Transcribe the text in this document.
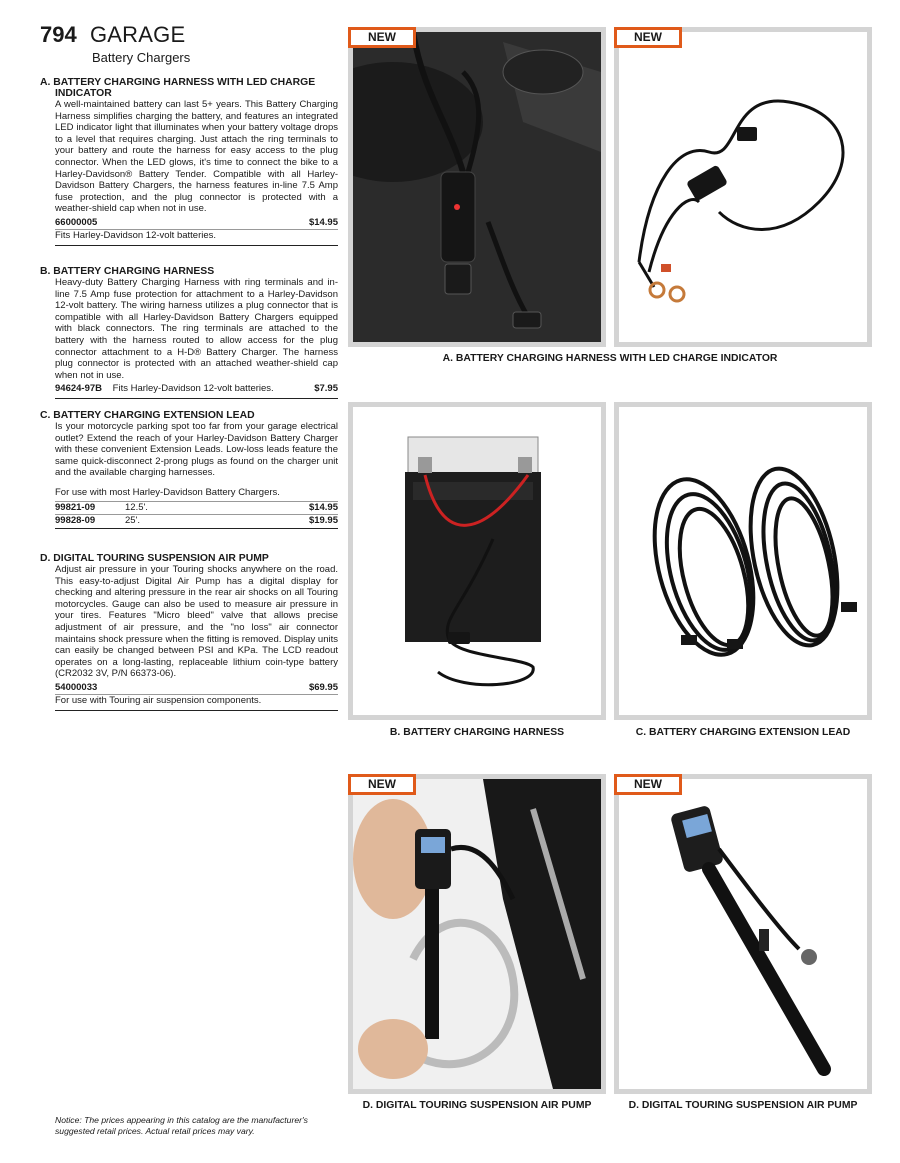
794 GARAGE
Battery Chargers
A. BATTERY CHARGING HARNESS WITH LED CHARGE
INDICATOR
A well-maintained battery can last 5+ years. This Battery Charging Harness simplifies charging the battery, and features an integrated LED indicator light that illuminates when your battery voltage drops to a level that requires charging. Just attach the ring terminals to your battery and route the harness for easy access to the plug connector. When the LED glows, it's time to connect the bike to a Harley-Davidson® Battery Tender. Compatible with all Harley-Davidson Battery Chargers, the harness features in-line 7.5 Amp fuse protection, and the plug connector is protected with a weather-shield cap when not in use.
66000005	$14.95
Fits Harley-Davidson 12-volt batteries.
B. BATTERY CHARGING HARNESS
Heavy-duty Battery Charging Harness with ring terminals and in-line 7.5 Amp fuse protection for attachment to a Harley-Davidson 12-volt battery. The wiring harness utilizes a plug connector that is compatible with all Harley-Davidson Battery Chargers equipped with black connectors. The ring terminals are attached to the battery with the harness routed to allow access for the plug connector attachment to a H-D® Battery Charger. The harness plug connector is protected with an attached weather-shield cap when not in use.
94624-97B Fits Harley-Davidson 12-volt batteries.	$7.95
C. BATTERY CHARGING EXTENSION LEAD
Is your motorcycle parking spot too far from your garage electrical outlet? Extend the reach of your Harley-Davidson Battery Charger with these convenient Extension Leads. Low-loss leads feature the same quick-disconnect 2-prong plugs as found on the charger unit and the available charging harnesses.
For use with most Harley-Davidson Battery Chargers.
99821-09	12.5'.	$14.95
99828-09	25'.	$19.95
D. DIGITAL TOURING SUSPENSION AIR PUMP
Adjust air pressure in your Touring shocks anywhere on the road. This easy-to-adjust Digital Air Pump has a digital display for checking and altering pressure in the rear air shocks on all Touring motorcycles. Gauge can also be used to measure air pressure in your tires. Features "Micro bleed" valve that allows precise adjustment of air pressure, and the "no loss" air connector maintains shock pressure when the fitting is removed. Display units can easily be changed between PSI and KPa. The LCD readout operates on a long-lasting, replaceable lithium coin-type battery (CR2032 3V, P/N 66373-06).
54000033	$69.95
For use with Touring air suspension components.
NEW	NEW
A. BATTERY CHARGING HARNESS WITH LED CHARGE INDICATOR
B. BATTERY CHARGING HARNESS	C. BATTERY CHARGING EXTENSION LEAD
NEW
D. DIGITAL TOURING SUSPENSION AIR PUMP
NEW
D. DIGITAL TOURING SUSPENSION AIR PUMP
Notice: The prices appearing in this catalog are the manufacturer's suggested retail prices. Actual retail prices may vary.
